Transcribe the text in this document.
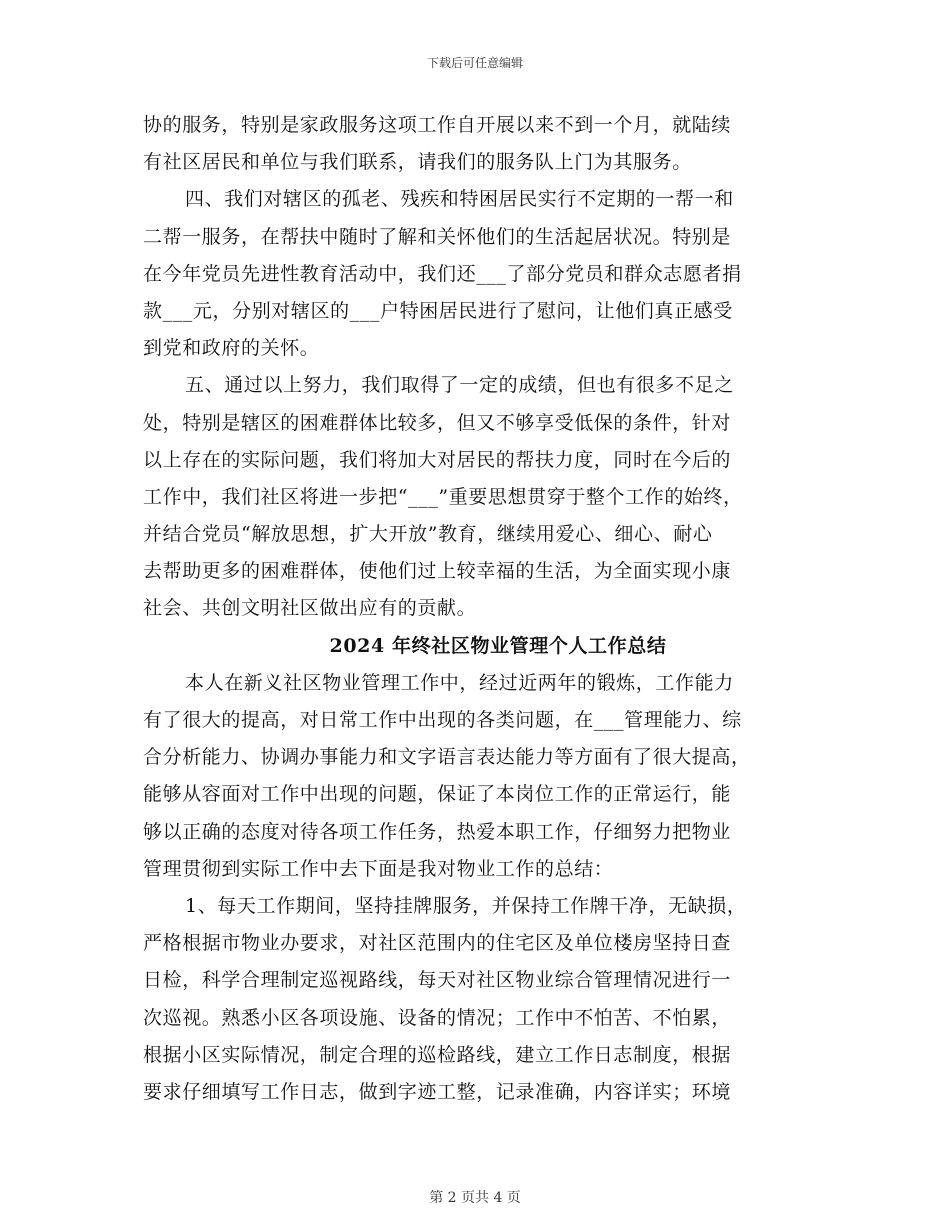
下载后可任意编辑
协的服务，特别是家政服务这项工作自开展以来不到一个月，就陆续
有社区居民和单位与我们联系，请我们的服务队上门为其服务。
四、我们对辖区的孤老、残疾和特困居民实行不定期的一帮一和
二帮一服务，在帮扶中随时了解和关怀他们的生活起居状况。特别是
在今年党员先进性教育活动中，我们还___了部分党员和群众志愿者捐
款___元，分别对辖区的___户特困居民进行了慰问，让他们真正感受
到党和政府的关怀。
五、通过以上努力，我们取得了一定的成绩，但也有很多不足之
处，特别是辖区的困难群体比较多，但又不够享受低保的条件，针对
以上存在的实际问题，我们将加大对居民的帮扶力度，同时在今后的
工作中，我们社区将进一步把“___”重要思想贯穿于整个工作的始终，
并结合党员“解放思想，扩大开放”教育，继续用爱心、细心、耐心
去帮助更多的困难群体，使他们过上较幸福的生活，为全面实现小康
社会、共创文明社区做出应有的贡献。
2024 年终社区物业管理个人工作总结
本人在新义社区物业管理工作中，经过近两年的锻炼，工作能力
有了很大的提高，对日常工作中出现的各类问题，在___管理能力、综
合分析能力、协调办事能力和文字语言表达能力等方面有了很大提高，
能够从容面对工作中出现的问题，保证了本岗位工作的正常运行，能
够以正确的态度对待各项工作任务，热爱本职工作，仔细努力把物业
管理贯彻到实际工作中去下面是我对物业工作的总结：
1、每天工作期间，坚持挂牌服务，并保持工作牌干净，无缺损，
严格根据市物业办要求，对社区范围内的住宅区及单位楼房坚持日查
日检，科学合理制定巡视路线，每天对社区物业综合管理情况进行一
次巡视。熟悉小区各项设施、设备的情况；工作中不怕苦、不怕累，
根据小区实际情况，制定合理的巡检路线，建立工作日志制度，根据
要求仔细填写工作日志，做到字迹工整，记录准确，内容详实；环境
第 2 页共 4 页
